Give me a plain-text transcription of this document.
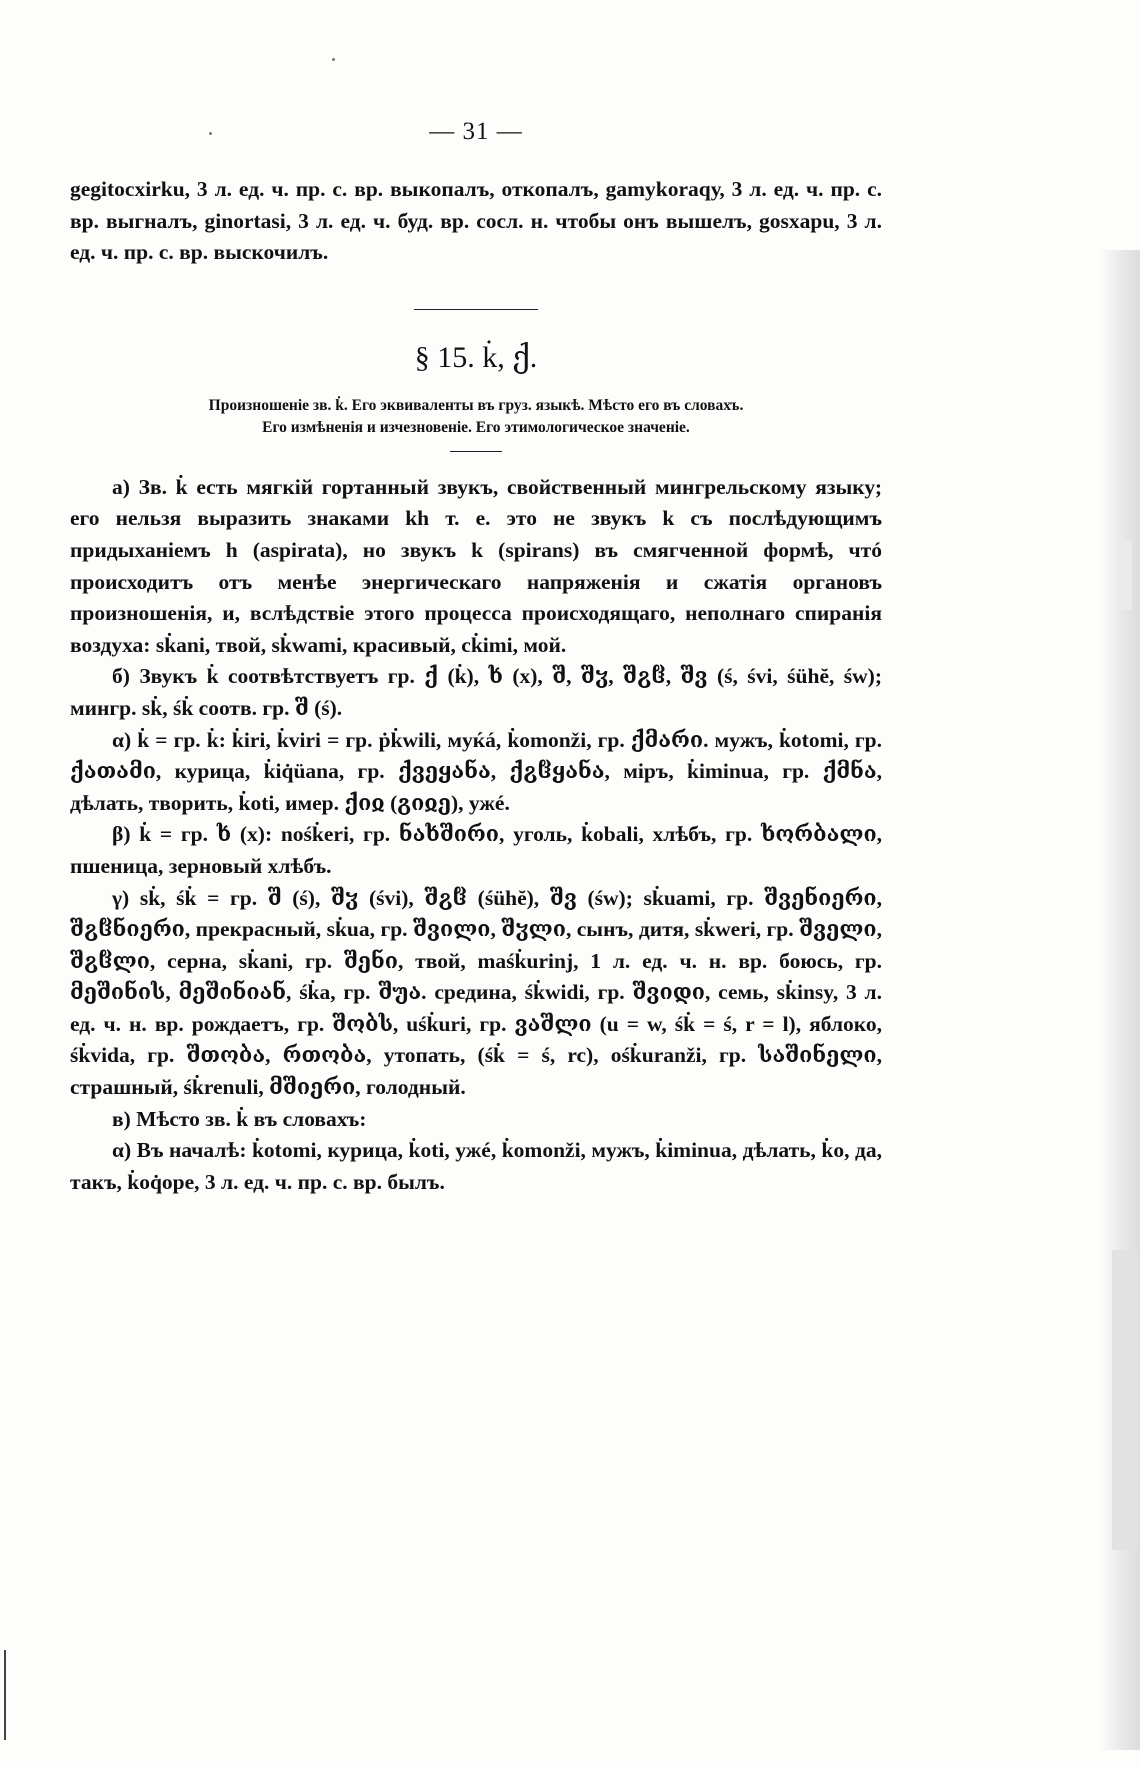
— 31 —

gegitocxirku, 3 л. ед. ч. пр. с. вр. выкопалъ, откопалъ, gamykoraqу, 3 л. ед. ч. пр. с. вр. выгналъ, ginortasi, 3 л. ед. ч. буд. вр. сосл. н. чтобы онъ вышелъ, gosxapu, 3 л. ед. ч. пр. с. вр. выскочилъ.

§ 15. k̇, ქ.

Произношеніе зв. k̇. Его эквиваленты въ груз. языкѣ. Мѣсто его въ словахъ.

Его измѣненія и изчезновеніе. Его этимологическое значеніе.

а) Зв. k̇ есть мягкій гортанный звукъ, свойственный мингрельскому языку; его нельзя выразить знаками kh т. е. это не звукъ k съ послѣдующимъ придыханіемъ h (aspirata), но звукъ k (spirans) въ смягченной формѣ, чтó происходитъ отъ менѣе энергическаго напряженія и сжатія органовъ произношенія, и, вслѣдствіе этого процесса происходящаго, неполнаго спиранія воздуха: sk̇ani, твой, sk̇wami, красивый, ck̇imi, мой.

б) Звукъ k̇ соотвѣтствуетъ гр. ქ (k̇), ხ (x), შ, შჳ, შჷჱ, შვ (ś, śvi, śühĕ, św); мингр. sk̇, śk̇ соотв. гр. შ (ś).

α) k̇ = гр. k̇: k̇iri, k̇viri = гр. ṗk̇wili, муќá, k̇omonži, гр. ქმარი. мужъ, k̇otomi, гр. ქათამი, курица, k̇iq̇üana, гр. ქვეყანა, ქჷჱყანა, міръ, k̇iminua, гр. ქმნა, дѣлать, творить, k̇oti, имер. ქიჲ (გიჲე), ужé.

β) k̇ = гр. ხ (x): nośk̇eri, гр. ნახშირი, уголь, k̇obali, хлѣбъ, гр. ხორბალი, пшеница, зерновый хлѣбъ.

γ) sk̇, śk̇ = гр. შ (ś), შჳ (śvi), შჷჱ (śühĕ), შვ (św); sk̇uami, гр. შვენიერი, შჷჱნიერი, прекрасный, sk̇ua, гр. შვილი, შჳლი, сынъ, дитя, sk̇weri, гр. შველი, შჷჱლი, серна, sk̇ani, гр. შენი, твой, maśk̇urinj, 1 л. ед. ч. н. вр. боюсь, гр. მეშინის, მეშინიან, śk̇a, гр. შუა. средина, śk̇widi, гр. შვიდი, семь, sk̇insy, 3 л. ед. ч. н. вр. рождаетъ, гр. შობს, uśk̇uri, гр. ვაშლი (u = w, śk̇ = ś, r = l), яблоко, śk̇vida, гр. შთობა, რთობა, утопать, (śk̇ = ś, rc), ośk̇uranži, гр. საშინელი, страшный, śk̇renuli, მშიერი, голодный.

в) Мѣсто зв. k̇ въ словахъ:

α) Въ началѣ: k̇otomi, курица, k̇oti, ужé, k̇omonži, мужъ, k̇iminua, дѣлать, k̇o, да, такъ, k̇oq̇ope, 3 л. ед. ч. пр. с. вр. былъ.
